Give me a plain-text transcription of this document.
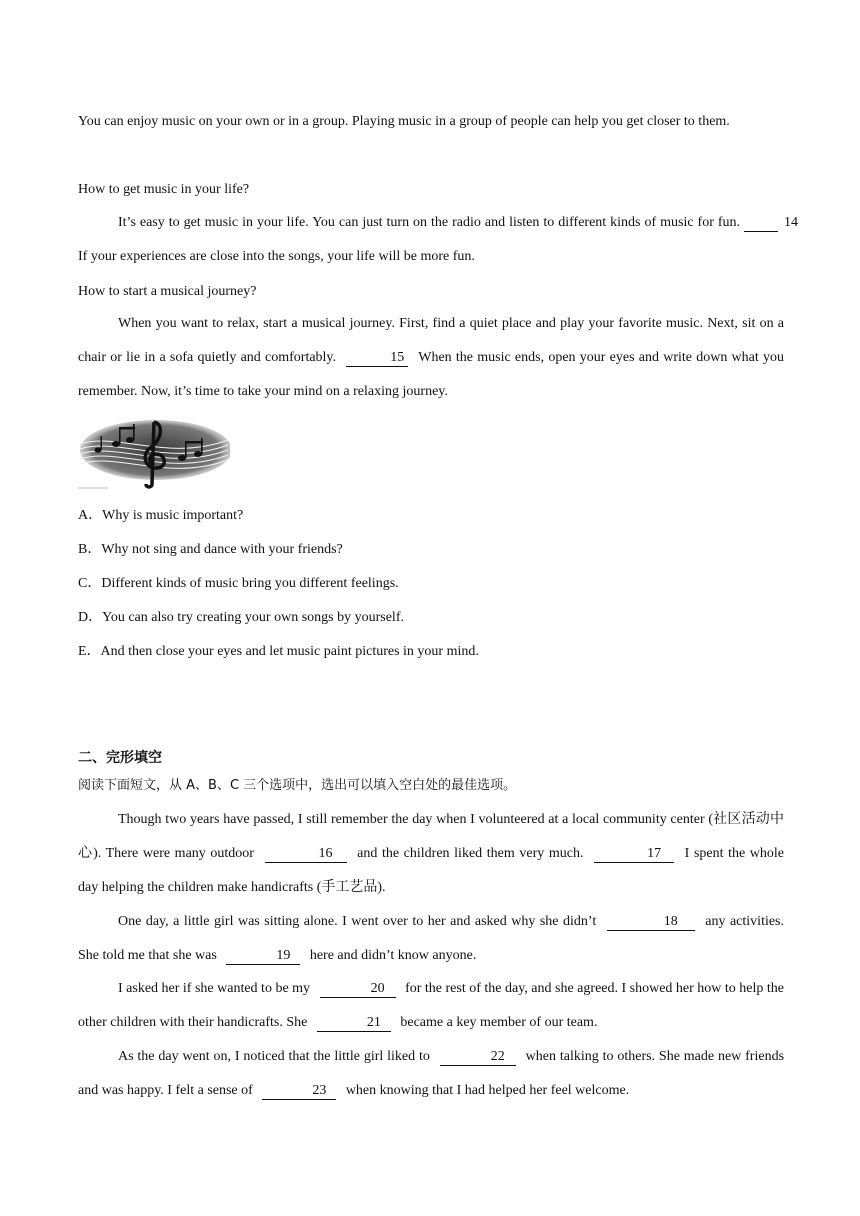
You can enjoy music on your own or in a group. Playing music in a group of people can help you get closer to them.

How to get music in your life?

It’s easy to get music in your life. You can just turn on the radio and listen to different kinds of music for fun.	14 If your experiences are close into the songs, your life will be more fun.

How to start a musical journey?

When you want to relax, start a musical journey. First, find a quiet place and play your favorite music. Next, sit on a chair or lie in a sofa quietly and comfortably.	15 When the music ends, open your eyes and write down what you remember. Now, it’s time to take your mind on a relaxing journey.

A．Why is music important?
B．Why not sing and dance with your friends?
C．Different kinds of music bring you different feelings.
D．You can also try creating your own songs by yourself.
E．And then close your eyes and let music paint pictures in your mind.
二、完形填空
阅读下面短文，从 A、B、C 三个选项中，选出可以填入空白处的最佳选项。

Though two years have passed, I still remember the day when I volunteered at a local community center (社区活动中心). There were many outdoor	16 and the children liked them very much.	17 I spent the whole day helping the children make handicrafts (手工艺品).

One day, a little girl was sitting alone. I went over to her and asked why she didn’t	18 any activities. She told me that she was	19 here and didn’t know anyone.

I asked her if she wanted to be my	20 for the rest of the day, and she agreed. I showed her how to help the other children with their handicrafts. She	21 became a key member of our team.

As the day went on, I noticed that the little girl liked to	22 when talking to others. She made new friends and was happy. I felt a sense of	23 when knowing that I had helped her feel welcome.
